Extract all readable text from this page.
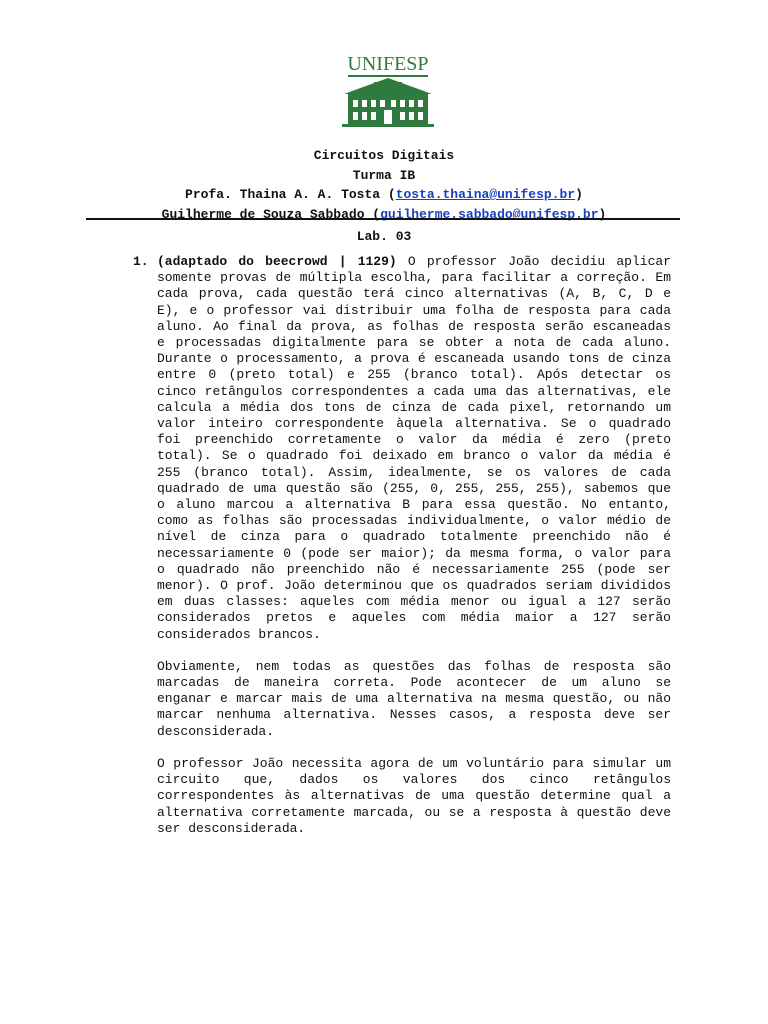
UNIFESP
Circuitos Digitais
Turma IB
Profa. Thaina A. A. Tosta (tosta.thaina@unifesp.br)
Guilherme de Souza Sabbado (guilherme.sabbado@unifesp.br)
Lab. 03
1. (adaptado do beecrowd | 1129) O professor João decidiu aplicar somente provas de múltipla escolha, para facilitar a correção. Em cada prova, cada questão terá cinco alternativas (A, B, C, D e E), e o professor vai distribuir uma folha de resposta para cada aluno. Ao final da prova, as folhas de resposta serão escaneadas e processadas digitalmente para se obter a nota de cada aluno. Durante o processamento, a prova é escaneada usando tons de cinza entre 0 (preto total) e 255 (branco total). Após detectar os cinco retângulos correspondentes a cada uma das alternativas, ele calcula a média dos tons de cinza de cada pixel, retornando um valor inteiro correspondente àquela alternativa. Se o quadrado foi preenchido corretamente o valor da média é zero (preto total). Se o quadrado foi deixado em branco o valor da média é 255 (branco total). Assim, idealmente, se os valores de cada quadrado de uma questão são (255, 0, 255, 255, 255), sabemos que o aluno marcou a alternativa B para essa questão. No entanto, como as folhas são processadas individualmente, o valor médio de nível de cinza para o quadrado totalmente preenchido não é necessariamente 0 (pode ser maior); da mesma forma, o valor para o quadrado não preenchido não é necessariamente 255 (pode ser menor). O prof. João determinou que os quadrados seriam divididos em duas classes: aqueles com média menor ou igual a 127 serão considerados pretos e aqueles com média maior a 127 serão considerados brancos.

Obviamente, nem todas as questões das folhas de resposta são marcadas de maneira correta. Pode acontecer de um aluno se enganar e marcar mais de uma alternativa na mesma questão, ou não marcar nenhuma alternativa. Nesses casos, a resposta deve ser desconsiderada.

O professor João necessita agora de um voluntário para simular um circuito que, dados os valores dos cinco retângulos correspondentes às alternativas de uma questão determine qual a alternativa corretamente marcada, ou se a resposta à questão deve ser desconsiderada.
